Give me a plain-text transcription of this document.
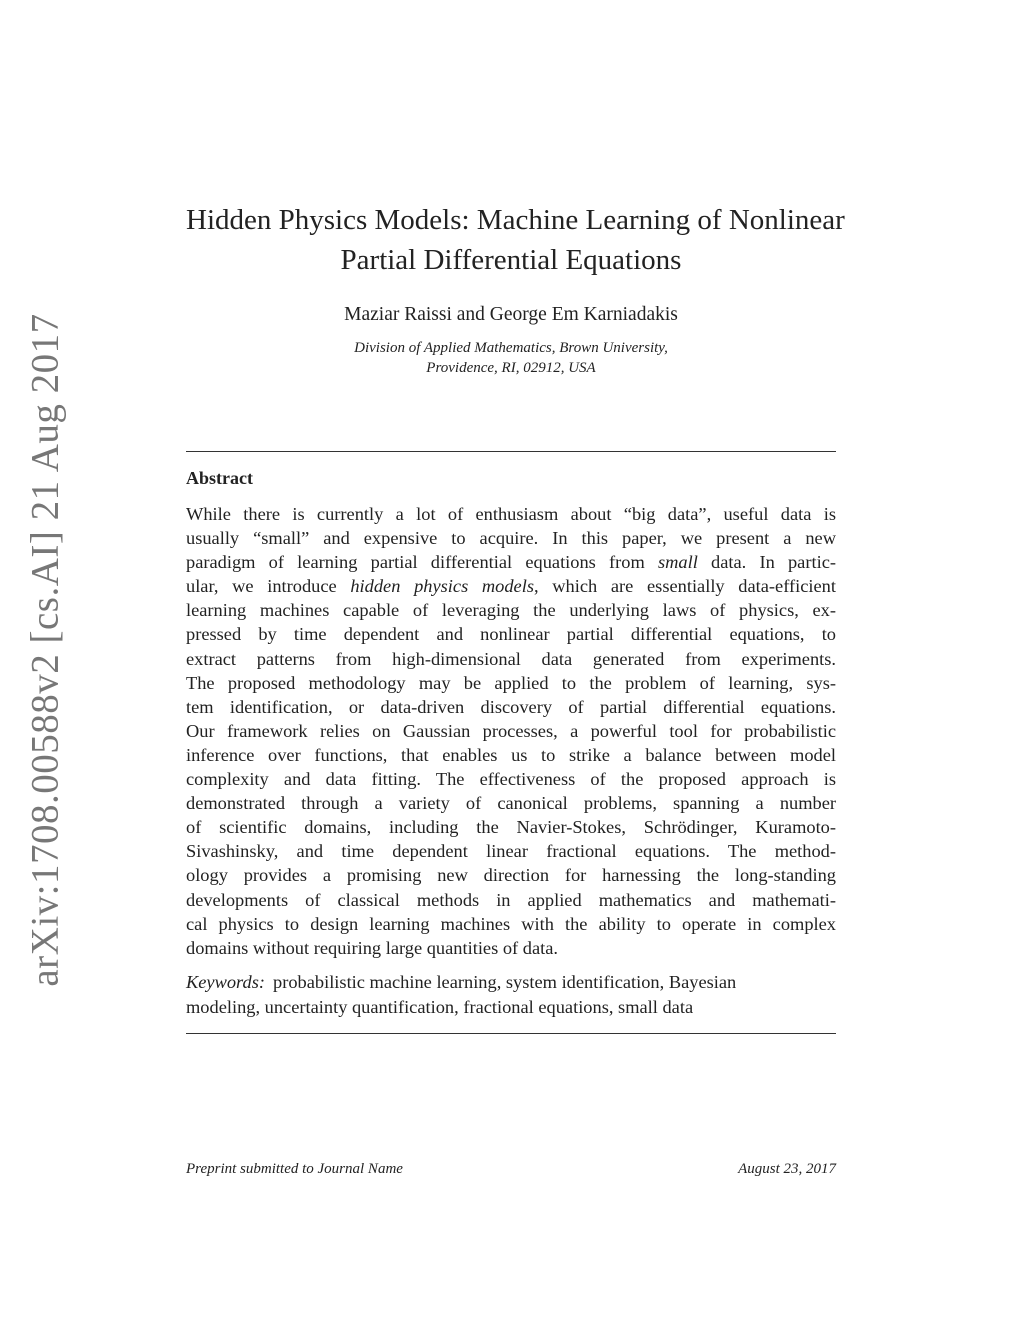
arXiv:1708.00588v2 [cs.AI] 21 Aug 2017
Hidden Physics Models: Machine Learning of Nonlinear
Partial Differential Equations
Maziar Raissi and George Em Karniadakis
Division of Applied Mathematics, Brown University,
Providence, RI, 02912, USA
Abstract
While there is currently a lot of enthusiasm about “big data”, useful data is
usually “small” and expensive to acquire. In this paper, we present a new
paradigm of learning partial differential equations from small data. In partic-
ular, we introduce hidden physics models, which are essentially data-efficient
learning machines capable of leveraging the underlying laws of physics, ex-
pressed by time dependent and nonlinear partial differential equations, to
extract patterns from high-dimensional data generated from experiments.
The proposed methodology may be applied to the problem of learning, sys-
tem identification, or data-driven discovery of partial differential equations.
Our framework relies on Gaussian processes, a powerful tool for probabilistic
inference over functions, that enables us to strike a balance between model
complexity and data fitting. The effectiveness of the proposed approach is
demonstrated through a variety of canonical problems, spanning a number
of scientific domains, including the Navier-Stokes, Schrödinger, Kuramoto-
Sivashinsky, and time dependent linear fractional equations. The method-
ology provides a promising new direction for harnessing the long-standing
developments of classical methods in applied mathematics and mathemati-
cal physics to design learning machines with the ability to operate in complex
domains without requiring large quantities of data.
Keywords: probabilistic machine learning, system identification, Bayesian
modeling, uncertainty quantification, fractional equations, small data
Preprint submitted to Journal Name	August 23, 2017
